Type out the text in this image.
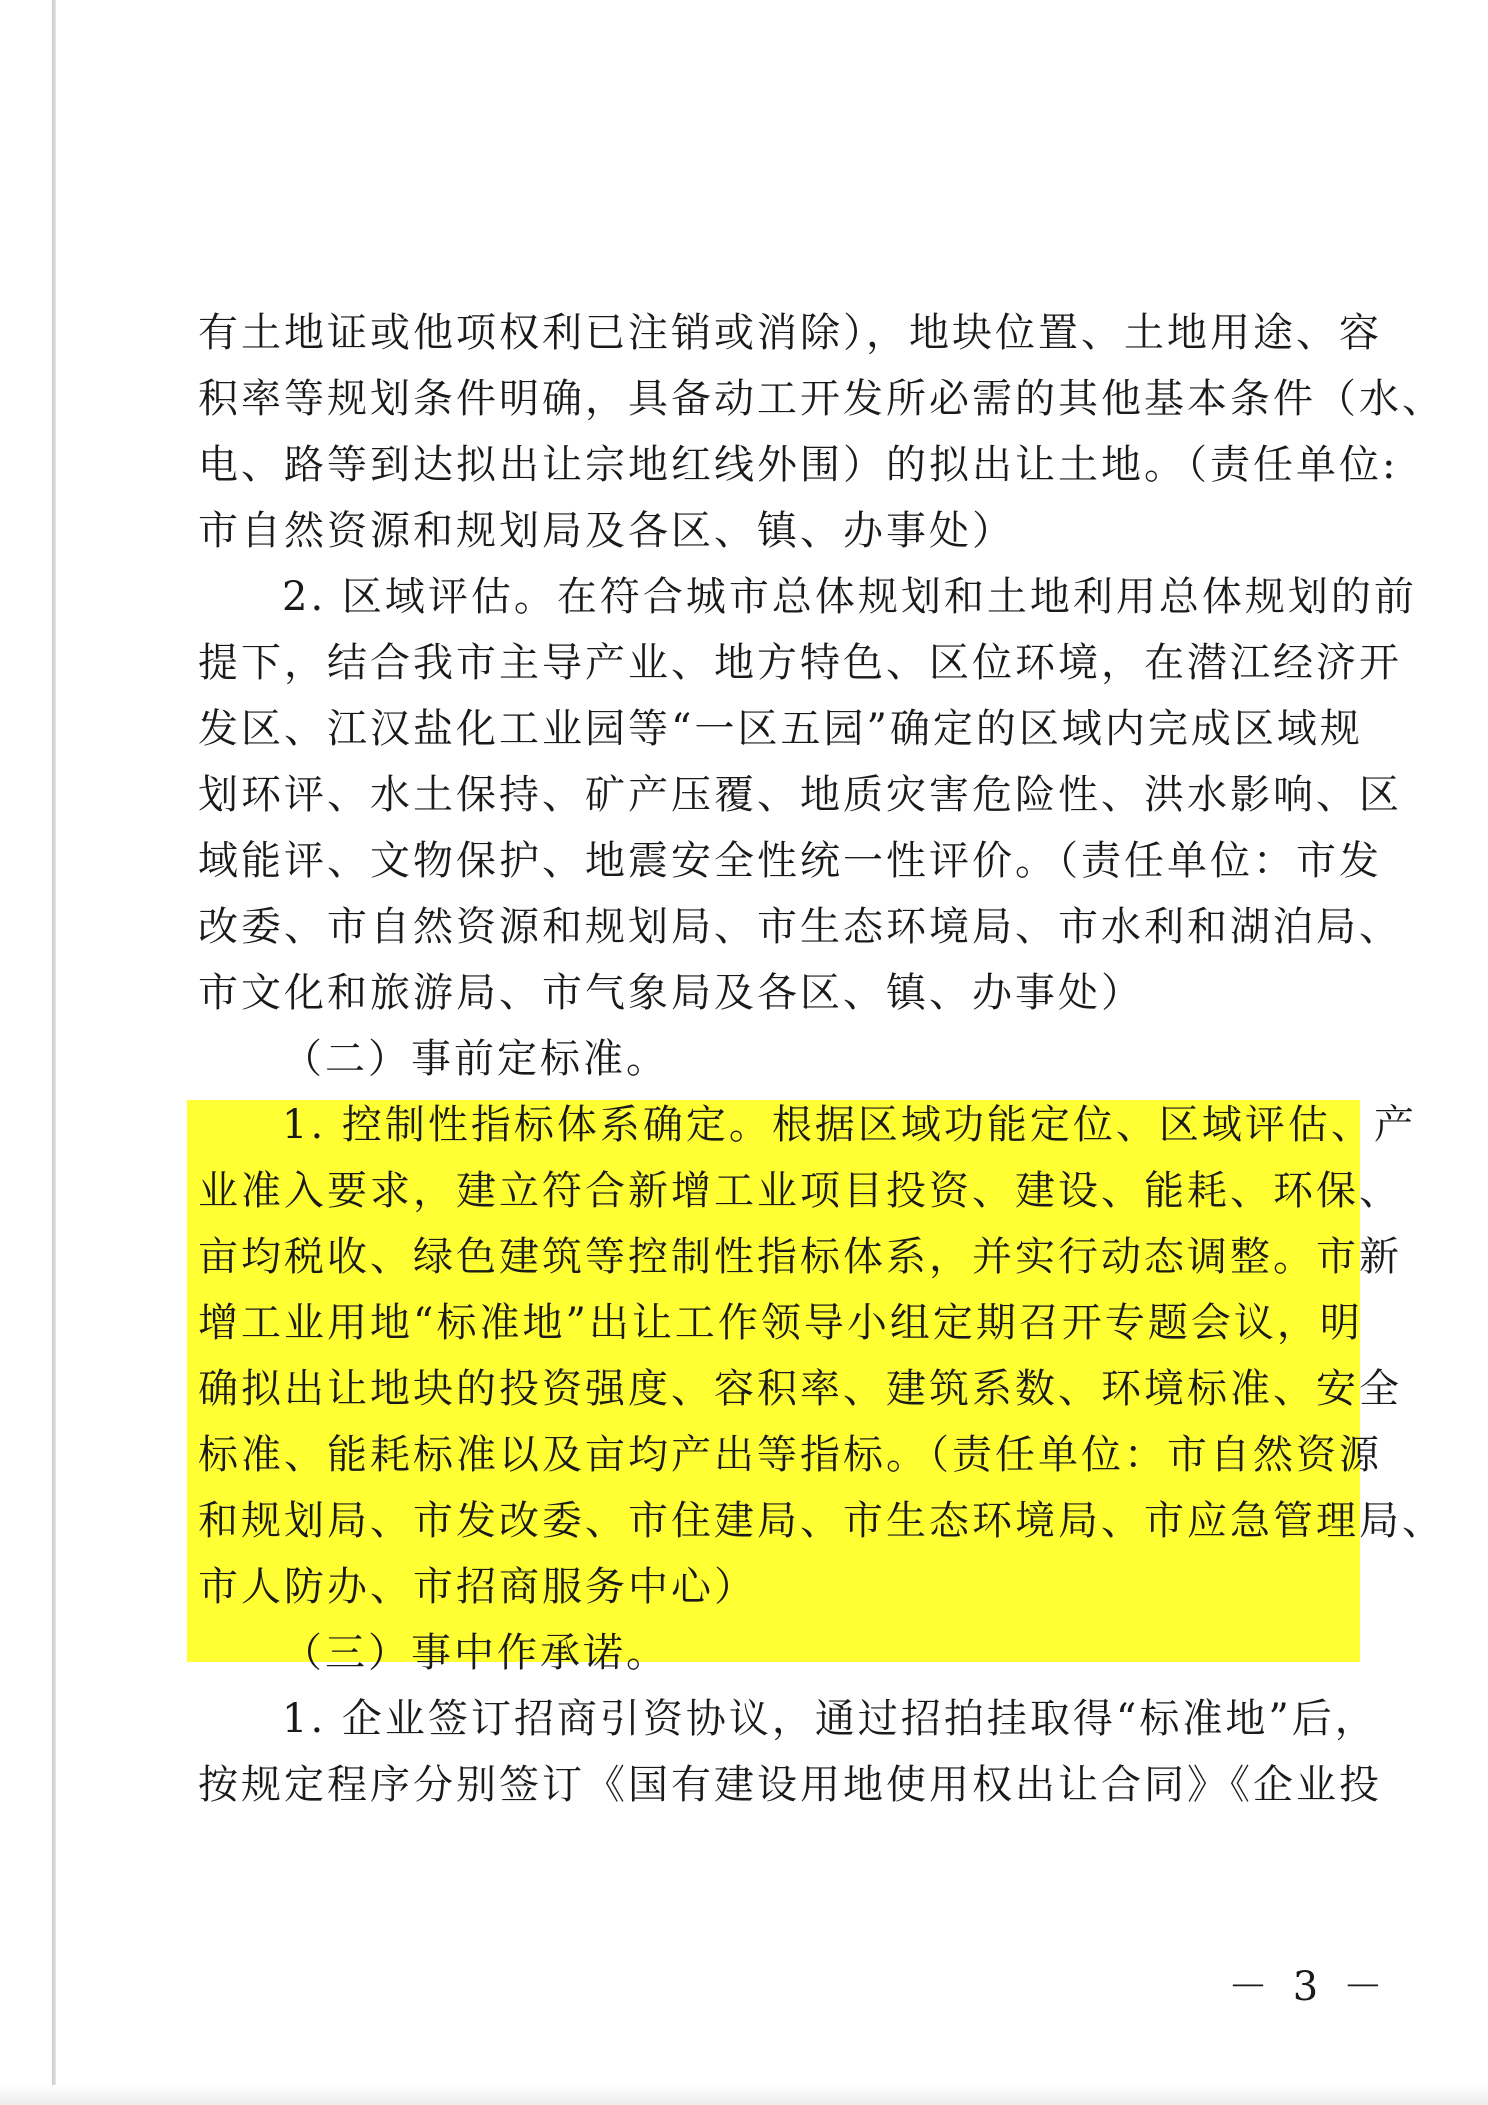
有土地证或他项权利已注销或消除），地块位置、土地用途、容
积率等规划条件明确，具备动工开发所必需的其他基本条件（水、
电、路等到达拟出让宗地红线外围）的拟出让土地。（责任单位:
市自然资源和规划局及各区、镇、办事处）
2. 区域评估。在符合城市总体规划和土地利用总体规划的前
提下，结合我市主导产业、地方特色、区位环境，在潜江经济开
发区、江汉盐化工业园等“一区五园”确定的区域内完成区域规
划环评、水土保持、矿产压覆、地质灾害危险性、洪水影响、区
域能评、文物保护、地震安全性统一性评价。（责任单位：市发
改委、市自然资源和规划局、市生态环境局、市水利和湖泊局、
市文化和旅游局、市气象局及各区、镇、办事处）
（二）事前定标准。
1. 控制性指标体系确定。根据区域功能定位、区域评估、产
业准入要求，建立符合新增工业项目投资、建设、能耗、环保、
亩均税收、绿色建筑等控制性指标体系，并实行动态调整。市新
增工业用地“标准地”出让工作领导小组定期召开专题会议，明
确拟出让地块的投资强度、容积率、建筑系数、环境标准、安全
标准、能耗标准以及亩均产出等指标。（责任单位：市自然资源
和规划局、市发改委、市住建局、市生态环境局、市应急管理局、
市人防办、市招商服务中心）
（三）事中作承诺。
1. 企业签订招商引资协议，通过招拍挂取得“标准地”后，
按规定程序分别签订《国有建设用地使用权出让合同》《企业投
－ 3 －
